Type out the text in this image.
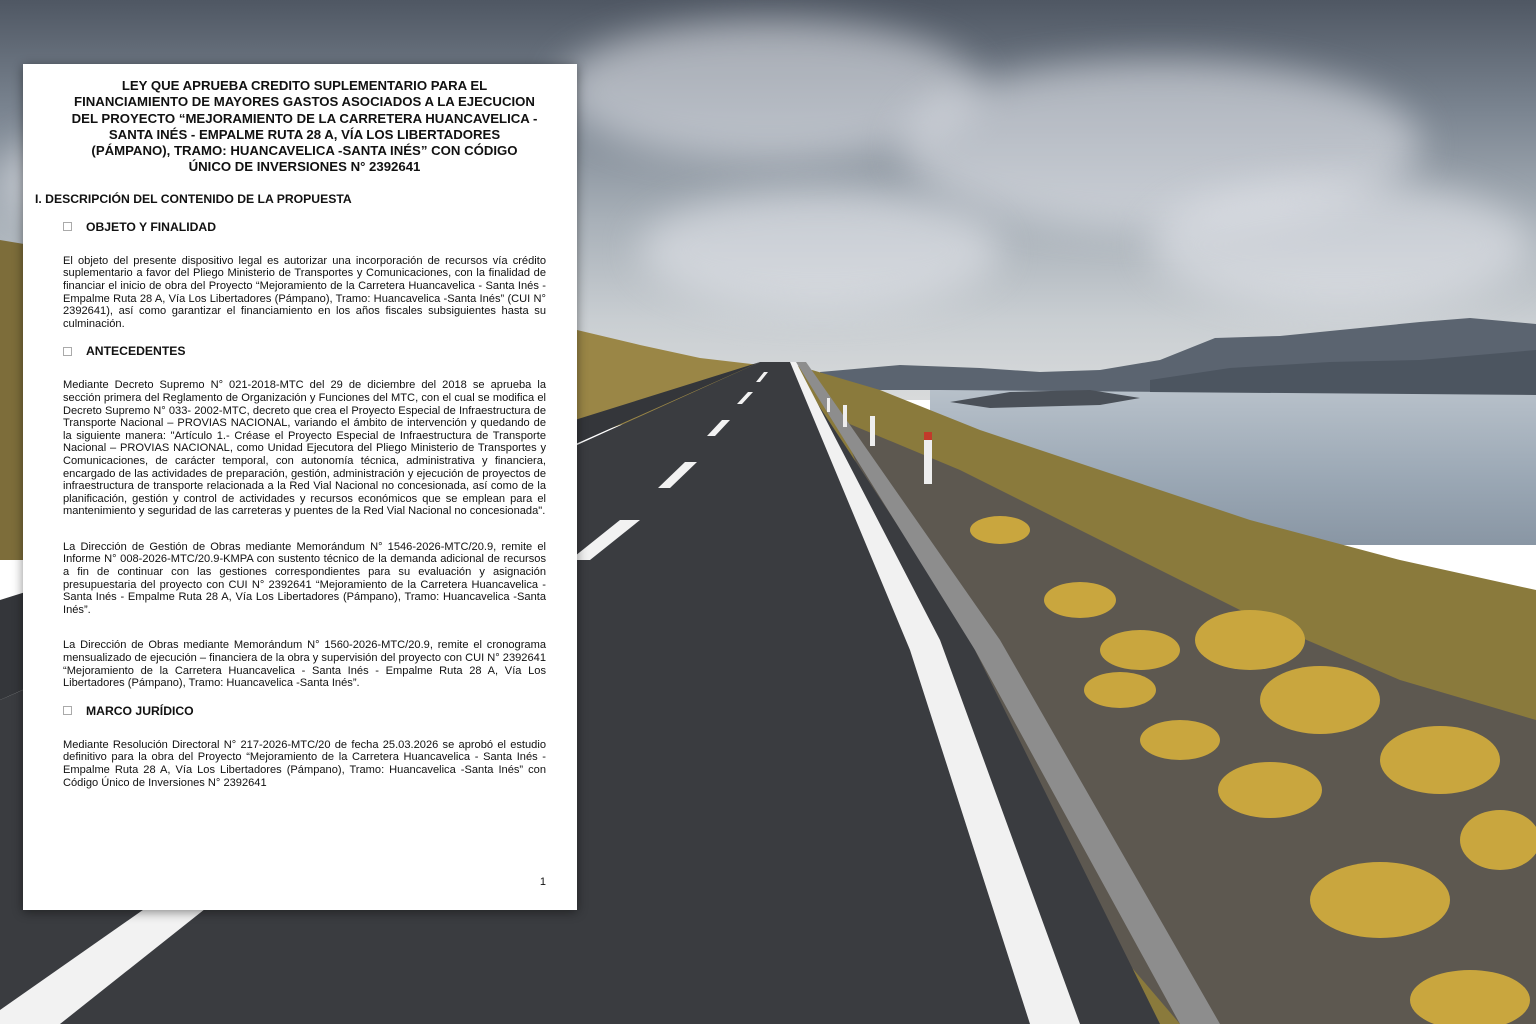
LEY QUE APRUEBA CREDITO SUPLEMENTARIO PARA EL FINANCIAMIENTO DE MAYORES GASTOS ASOCIADOS A LA EJECUCION DEL PROYECTO “MEJORAMIENTO DE LA CARRETERA HUANCAVELICA - SANTA INÉS - EMPALME RUTA 28 A, VÍA LOS LIBERTADORES (PÁMPANO), TRAMO: HUANCAVELICA -SANTA INÉS” CON CÓDIGO ÚNICO DE INVERSIONES N° 2392641
I. DESCRIPCIÓN DEL CONTENIDO DE LA PROPUESTA
OBJETO Y FINALIDAD

El objeto del presente dispositivo legal es autorizar una incorporación de recursos vía crédito suplementario a favor del Pliego Ministerio de Transportes y Comunicaciones, con la finalidad de financiar el inicio de obra del Proyecto “Mejoramiento de la Carretera Huancavelica - Santa Inés - Empalme Ruta 28 A, Vía Los Libertadores (Pámpano), Tramo: Huancavelica -Santa Inés” (CUI N° 2392641), así como garantizar el financiamiento en los años fiscales subsiguientes hasta su culminación.

ANTECEDENTES

Mediante Decreto Supremo N° 021-2018-MTC del 29 de diciembre del 2018 se aprueba la sección primera del Reglamento de Organización y Funciones del MTC, con el cual se modifica el Decreto Supremo N° 033- 2002-MTC, decreto que crea el Proyecto Especial de Infraestructura de Transporte Nacional – PROVIAS NACIONAL, variando el ámbito de intervención y quedando de la siguiente manera: "Artículo 1.- Créase el Proyecto Especial de Infraestructura de Transporte Nacional – PROVIAS NACIONAL, como Unidad Ejecutora del Pliego Ministerio de Transportes y Comunicaciones, de carácter temporal, con autonomía técnica, administrativa y financiera, encargado de las actividades de preparación, gestión, administración y ejecución de proyectos de infraestructura de transporte relacionada a la Red Vial Nacional no concesionada, así como de la planificación, gestión y control de actividades y recursos económicos que se emplean para el mantenimiento y seguridad de las carreteras y puentes de la Red Vial Nacional no concesionada".

La Dirección de Gestión de Obras mediante Memorándum N° 1546-2026-MTC/20.9, remite el Informe N° 008-2026-MTC/20.9-KMPA con sustento técnico de la demanda adicional de recursos a fin de continuar con las gestiones correspondientes para su evaluación y asignación presupuestaria del proyecto con CUI N° 2392641 “Mejoramiento de la Carretera Huancavelica - Santa Inés - Empalme Ruta 28 A, Vía Los Libertadores (Pámpano), Tramo: Huancavelica -Santa Inés”.

La Dirección de Obras mediante Memorándum N° 1560-2026-MTC/20.9, remite el cronograma mensualizado de ejecución – financiera de la obra y supervisión del proyecto con CUI N° 2392641 “Mejoramiento de la Carretera Huancavelica - Santa Inés - Empalme Ruta 28 A, Vía Los Libertadores (Pámpano), Tramo: Huancavelica -Santa Inés”.

MARCO JURÍDICO

Mediante Resolución Directoral N° 217-2026-MTC/20 de fecha 25.03.2026 se aprobó el estudio definitivo para la obra del Proyecto “Mejoramiento de la Carretera Huancavelica - Santa Inés - Empalme Ruta 28 A, Vía Los Libertadores (Pámpano), Tramo: Huancavelica -Santa Inés” con Código Único de Inversiones N° 2392641

1
